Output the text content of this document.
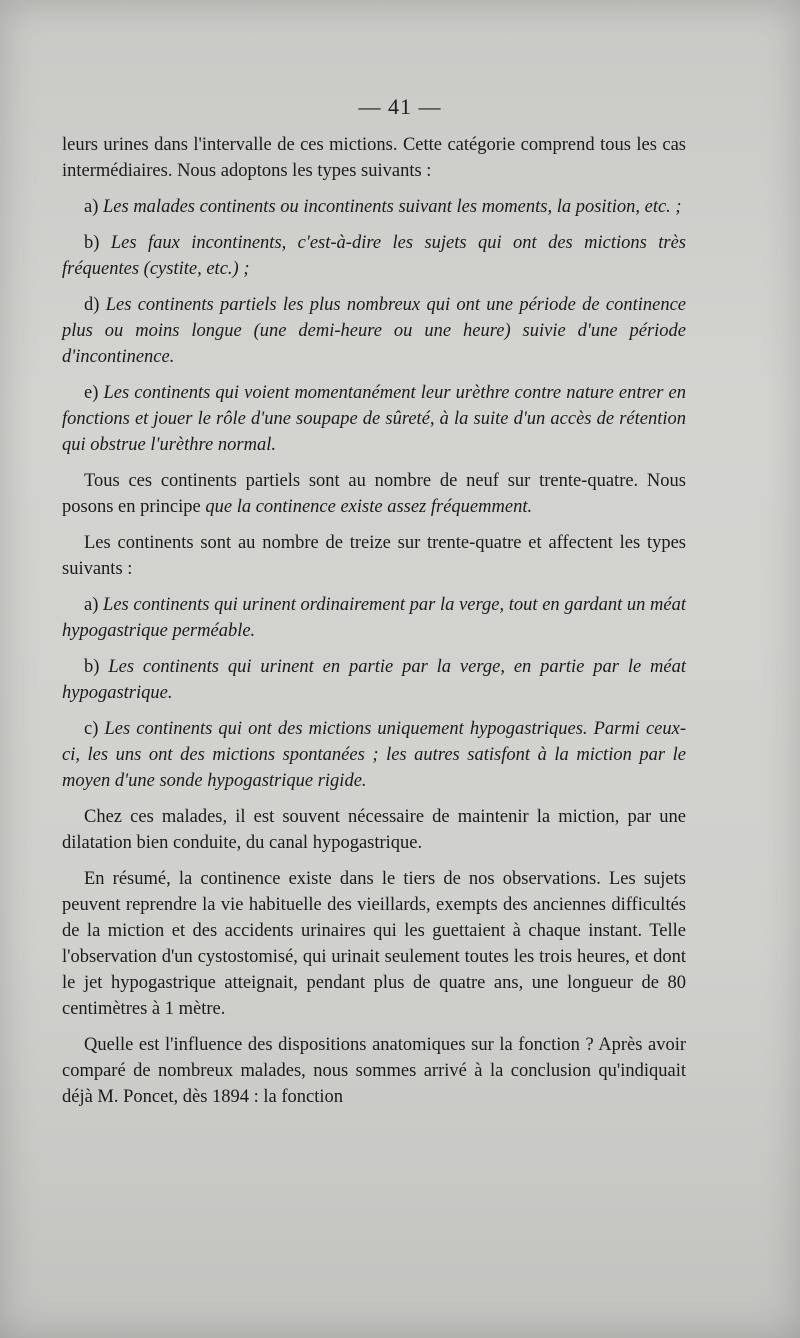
— 41 —

leurs urines dans l'intervalle de ces mictions. Cette catégorie comprend tous les cas intermédiaires. Nous adoptons les types suivants :

a) Les malades continents ou incontinents suivant les moments, la position, etc. ;

b) Les faux incontinents, c'est-à-dire les sujets qui ont des mictions très fréquentes (cystite, etc.) ;

d) Les continents partiels les plus nombreux qui ont une période de continence plus ou moins longue (une demi-heure ou une heure) suivie d'une période d'incontinence.

e) Les continents qui voient momentanément leur urèthre contre nature entrer en fonctions et jouer le rôle d'une soupape de sûreté, à la suite d'un accès de rétention qui obstrue l'urèthre normal.

Tous ces continents partiels sont au nombre de neuf sur trente-quatre. Nous posons en principe que la continence existe assez fréquemment.

Les continents sont au nombre de treize sur trente-quatre et affectent les types suivants :

a) Les continents qui urinent ordinairement par la verge, tout en gardant un méat hypogastrique perméable.

b) Les continents qui urinent en partie par la verge, en partie par le méat hypogastrique.

c) Les continents qui ont des mictions uniquement hypogastriques. Parmi ceux-ci, les uns ont des mictions spontanées ; les autres satisfont à la miction par le moyen d'une sonde hypogastrique rigide.

Chez ces malades, il est souvent nécessaire de maintenir la miction, par une dilatation bien conduite, du canal hypogastrique.

En résumé, la continence existe dans le tiers de nos observations. Les sujets peuvent reprendre la vie habituelle des vieillards, exempts des anciennes difficultés de la miction et des accidents urinaires qui les guettaient à chaque instant. Telle l'observation d'un cystostomisé, qui urinait seulement toutes les trois heures, et dont le jet hypogastrique atteignait, pendant plus de quatre ans, une longueur de 80 centimètres à 1 mètre.

Quelle est l'influence des dispositions anatomiques sur la fonction ? Après avoir comparé de nombreux malades, nous sommes arrivé à la conclusion qu'indiquait déjà M. Poncet, dès 1894 : la fonction
